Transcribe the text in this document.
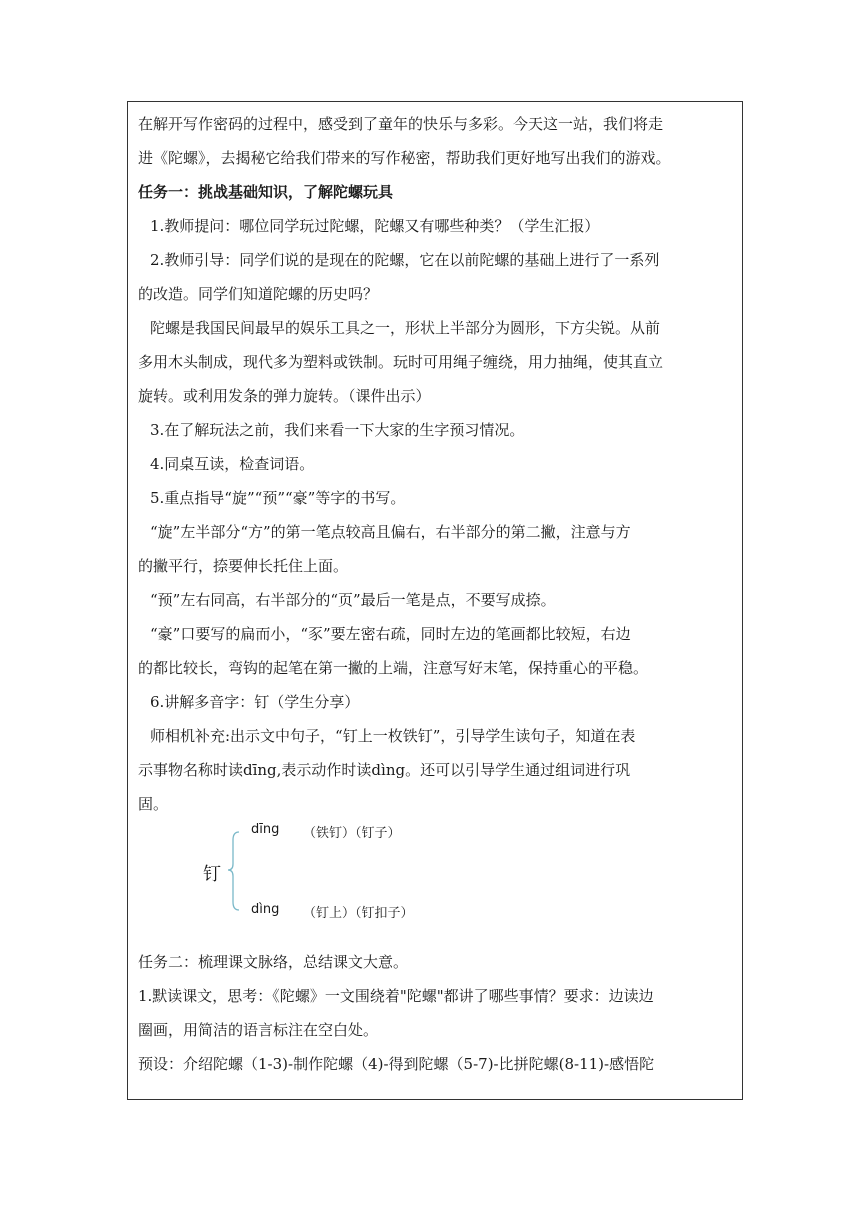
在解开写作密码的过程中，感受到了童年的快乐与多彩。今天这一站，我们将走
进《陀螺》，去揭秘它给我们带来的写作秘密，帮助我们更好地写出我们的游戏。
任务一：挑战基础知识，了解陀螺玩具
1.教师提问：哪位同学玩过陀螺，陀螺又有哪些种类？（学生汇报）
2.教师引导：同学们说的是现在的陀螺，它在以前陀螺的基础上进行了一系列
的改造。同学们知道陀螺的历史吗？
陀螺是我国民间最早的娱乐工具之一，形状上半部分为圆形，下方尖锐。从前
多用木头制成，现代多为塑料或铁制。玩时可用绳子缠绕，用力抽绳，使其直立
旋转。或利用发条的弹力旋转。（课件出示）
3.在了解玩法之前，我们来看一下大家的生字预习情况。
4.同桌互读，检查词语。
5.重点指导“旋”“预”“豪”等字的书写。
“旋”左半部分“方”的第一笔点较高且偏右，右半部分的第二撇，注意与方
的撇平行，捺要伸长托住上面。
“预”左右同高，右半部分的“页”最后一笔是点，不要写成捺。
“豪”口要写的扁而小，“豕”要左密右疏，同时左边的笔画都比较短，右边
的都比较长，弯钩的起笔在第一撇的上端，注意写好末笔，保持重心的平稳。
6.讲解多音字：钉（学生分享）
师相机补充:出示文中句子，“钉上一枚铁钉”，引导学生读句子，知道在表
示事物名称时读dīng,表示动作时读dìng。还可以引导学生通过组词进行巩
固。
钉
dīng （铁钉）（钉子）
dìng （钉上）（钉扣子）
任务二：梳理课文脉络，总结课文大意。
1.默读课文，思考：《陀螺》一文围绕着"陀螺"都讲了哪些事情？要求：边读边
圈画，用简洁的语言标注在空白处。
预设：介绍陀螺（1-3)-制作陀螺（4)-得到陀螺（5-7)-比拼陀螺(8-11)-感悟陀
